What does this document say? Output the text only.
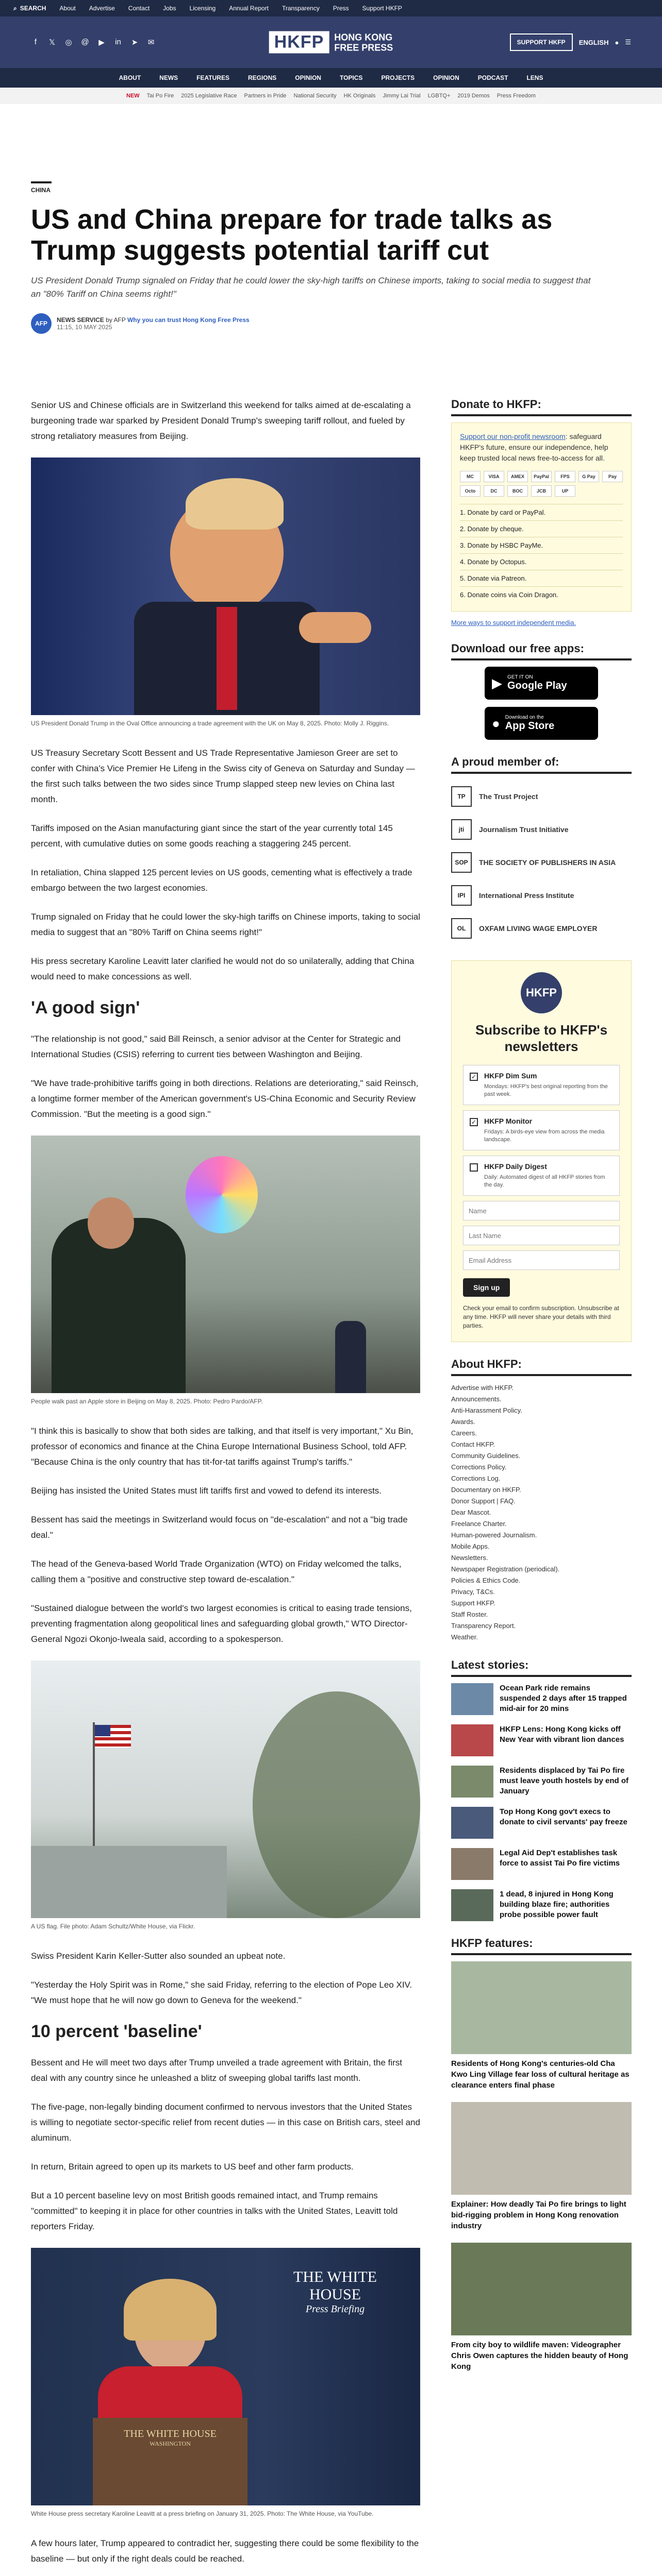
⌕ SEARCH About Advertise Contact Jobs Licensing Annual Report Transparency Press Support HKFP
f	𝕏 ◎ @ ▶ in ➤ ✉	HKFP	HONG KONG
FREE PRESS	SUPPORT HKFP	ENGLISH ● ☰
ABOUT	NEWS	FEATURES	REGIONS	OPINION	TOPICS	PROJECTS	OPINION	PODCAST	LENS
NEW Tai Po Fire 2025 Legislative Race Partners in Pride National Security HK Originals Jimmy Lai Trial LGBTQ+ 2019 Demos Press Freedom
CHINA
US and China prepare for trade talks as Trump suggests potential tariff cut

US President Donald Trump signaled on Friday that he could lower the sky-high tariffs on Chinese imports, taking to social media to suggest that an "80% Tariff on China seems right!"

AFP	NEWS SERVICE by AFP Why you can trust Hong Kong Free Press
11:15, 10 MAY 2025

Senior US and Chinese officials are in Switzerland this weekend for talks aimed at de-escalating a burgeoning trade war sparked by President Donald Trump's sweeping tariff rollout, and fueled by strong retaliatory measures from Beijing.

US President Donald Trump in the Oval Office announcing a trade agreement with the UK on May 8, 2025. Photo: Molly J. Riggins.

US Treasury Secretary Scott Bessent and US Trade Representative Jamieson Greer are set to confer with China's Vice Premier He Lifeng in the Swiss city of Geneva on Saturday and Sunday — the first such talks between the two sides since Trump slapped steep new levies on China last month.

Tariffs imposed on the Asian manufacturing giant since the start of the year currently total 145 percent, with cumulative duties on some goods reaching a staggering 245 percent.

In retaliation, China slapped 125 percent levies on US goods, cementing what is effectively a trade embargo between the two largest economies.

Trump signaled on Friday that he could lower the sky-high tariffs on Chinese imports, taking to social media to suggest that an "80% Tariff on China seems right!"

His press secretary Karoline Leavitt later clarified he would not do so unilaterally, adding that China would need to make concessions as well.

'A good sign'

"The relationship is not good," said Bill Reinsch, a senior advisor at the Center for Strategic and International Studies (CSIS) referring to current ties between Washington and Beijing.

"We have trade-prohibitive tariffs going in both directions. Relations are deteriorating," said Reinsch, a longtime former member of the American government's US-China Economic and Security Review Commission. "But the meeting is a good sign."

People walk past an Apple store in Beijing on May 8, 2025. Photo: Pedro Pardo/AFP.

"I think this is basically to show that both sides are talking, and that itself is very important," Xu Bin, professor of economics and finance at the China Europe International Business School, told AFP. "Because China is the only country that has tit-for-tat tariffs against Trump's tariffs."

Beijing has insisted the United States must lift tariffs first and vowed to defend its interests.

Bessent has said the meetings in Switzerland would focus on "de-escalation" and not a "big trade deal."

The head of the Geneva-based World Trade Organization (WTO) on Friday welcomed the talks, calling them a "positive and constructive step toward de-escalation."

"Sustained dialogue between the world's two largest economies is critical to easing trade tensions, preventing fragmentation along geopolitical lines and safeguarding global growth," WTO Director-General Ngozi Okonjo-Iweala said, according to a spokesperson.

A US flag. File photo: Adam Schultz/White House, via Flickr.

Swiss President Karin Keller-Sutter also sounded an upbeat note.

"Yesterday the Holy Spirit was in Rome," she said Friday, referring to the election of Pope Leo XIV. "We must hope that he will now go down to Geneva for the weekend."

10 percent 'baseline'

Bessent and He will meet two days after Trump unveiled a trade agreement with Britain, the first deal with any country since he unleashed a blitz of sweeping global tariffs last month.

The five-page, non-legally binding document confirmed to nervous investors that the United States is willing to negotiate sector-specific relief from recent duties — in this case on British cars, steel and aluminum.

In return, Britain agreed to open up its markets to US beef and other farm products.

But a 10 percent baseline levy on most British goods remained intact, and Trump remains "committed" to keeping it in place for other countries in talks with the United States, Leavitt told reporters Friday.

THE WHITE HOUSE
Press Briefing
THE WHITE HOUSE
WASHINGTON

White House press secretary Karoline Leavitt at a press briefing on January 31, 2025. Photo: The White House, via YouTube.

A few hours later, Trump appeared to contradict her, suggesting there could be some flexibility to the baseline — but only if the right deals could be reached.

Donate to HKFP:

Support our non-profit newsroom: safeguard HKFP's future, ensure our independence, help keep trusted local news free-to-access for all.

MC	VISA	AMEX	PayPal	FPS	G Pay	Pay
Octo	DC	BOC	JCB	UP
1. Donate by card or PayPal.
2. Donate by cheque.
3. Donate by HSBC PayMe.
4. Donate by Octopus.
5. Donate via Patreon.
6. Donate coins via Coin Dragon.
More ways to support independent media.
Download our free apps:
▶ GET IT ON
Google Play
● Download on the
App Store
A proud member of:
TP	The Trust Project
jti	Journalism Trust Initiative
SOP	THE SOCIETY OF PUBLISHERS IN ASIA
IPI	International Press Institute
OL	OXFAM LIVING WAGE EMPLOYER
HKFP
Subscribe to HKFP's newsletters
✓ HKFP Dim Sum

Mondays: HKFP's best original reporting from the past week.

✓ HKFP Monitor

Fridays: A birds-eye view from across the media landscape.

HKFP Daily Digest

Daily: Automated digest of all HKFP stories from the day.

Name
Last Name
Email Address
Sign up

Check your email to confirm subscription. Unsubscribe at any time. HKFP will never share your details with third parties.

About HKFP:
Advertise with HKFP.
Announcements.
Anti-Harassment Policy.
Awards.
Careers.
Contact HKFP.
Community Guidelines.
Corrections Policy.
Corrections Log.
Documentary on HKFP.
Donor Support | FAQ.
Dear Mascot.
Freelance Charter.
Human-powered Journalism.
Mobile Apps.
Newsletters.
Newspaper Registration (periodical).
Policies & Ethics Code.
Privacy, T&Cs.
Support HKFP.
Staff Roster.
Transparency Report.
Weather.
Latest stories:
Ocean Park ride remains suspended 2 days after 15 trapped mid-air for 20 mins
HKFP Lens: Hong Kong kicks off New Year with vibrant lion dances
Residents displaced by Tai Po fire must leave youth hostels by end of January
Top Hong Kong gov't execs to donate to civil servants' pay freeze
Legal Aid Dep't establishes task force to assist Tai Po fire victims
1 dead, 8 injured in Hong Kong building blaze fire; authorities probe possible power fault
HKFP features:
Residents of Hong Kong's centuries-old Cha Kwo Ling Village fear loss of cultural heritage as clearance enters final phase
Explainer: How deadly Tai Po fire brings to light bid-rigging problem in Hong Kong renovation industry
From city boy to wildlife maven: Videographer Chris Owen captures the hidden beauty of Hong Kong
